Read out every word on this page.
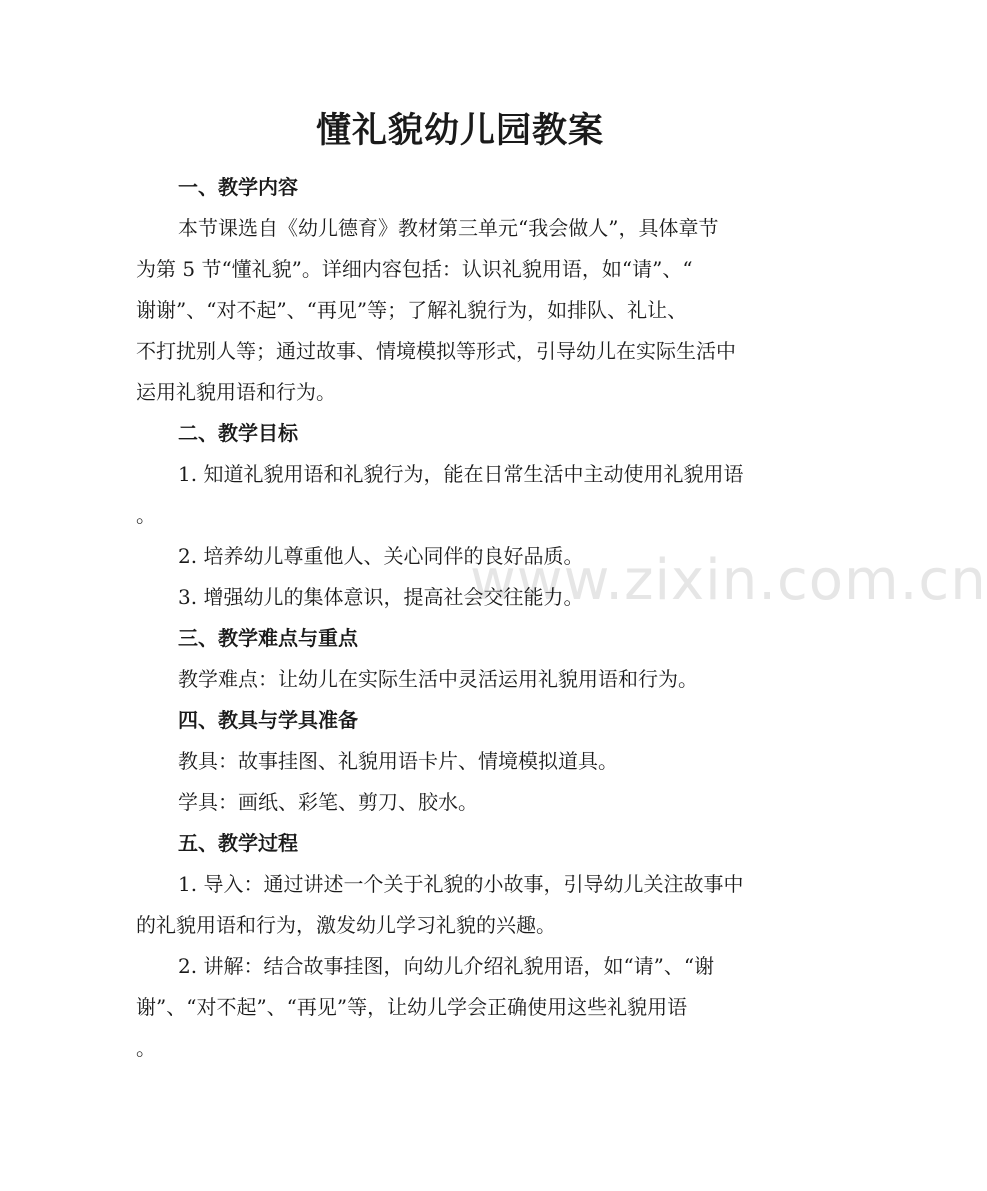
www.zixin.com.cn
懂礼貌幼儿园教案
一、教学内容
本节课选自《幼儿德育》教材第三单元“我会做人”，具体章节
为第 5 节“懂礼貌”。详细内容包括：认识礼貌用语，如“请”、“
谢谢”、“对不起”、“再见”等；了解礼貌行为，如排队、礼让、
不打扰别人等；通过故事、情境模拟等形式，引导幼儿在实际生活中
运用礼貌用语和行为。
二、教学目标
1. 知道礼貌用语和礼貌行为，能在日常生活中主动使用礼貌用语
。
2. 培养幼儿尊重他人、关心同伴的良好品质。
3. 增强幼儿的集体意识，提高社会交往能力。
三、教学难点与重点
教学难点：让幼儿在实际生活中灵活运用礼貌用语和行为。
四、教具与学具准备
教具：故事挂图、礼貌用语卡片、情境模拟道具。
学具：画纸、彩笔、剪刀、胶水。
五、教学过程
1. 导入：通过讲述一个关于礼貌的小故事，引导幼儿关注故事中
的礼貌用语和行为，激发幼儿学习礼貌的兴趣。
2. 讲解：结合故事挂图，向幼儿介绍礼貌用语，如“请”、“谢
谢”、“对不起”、“再见”等，让幼儿学会正确使用这些礼貌用语
。
